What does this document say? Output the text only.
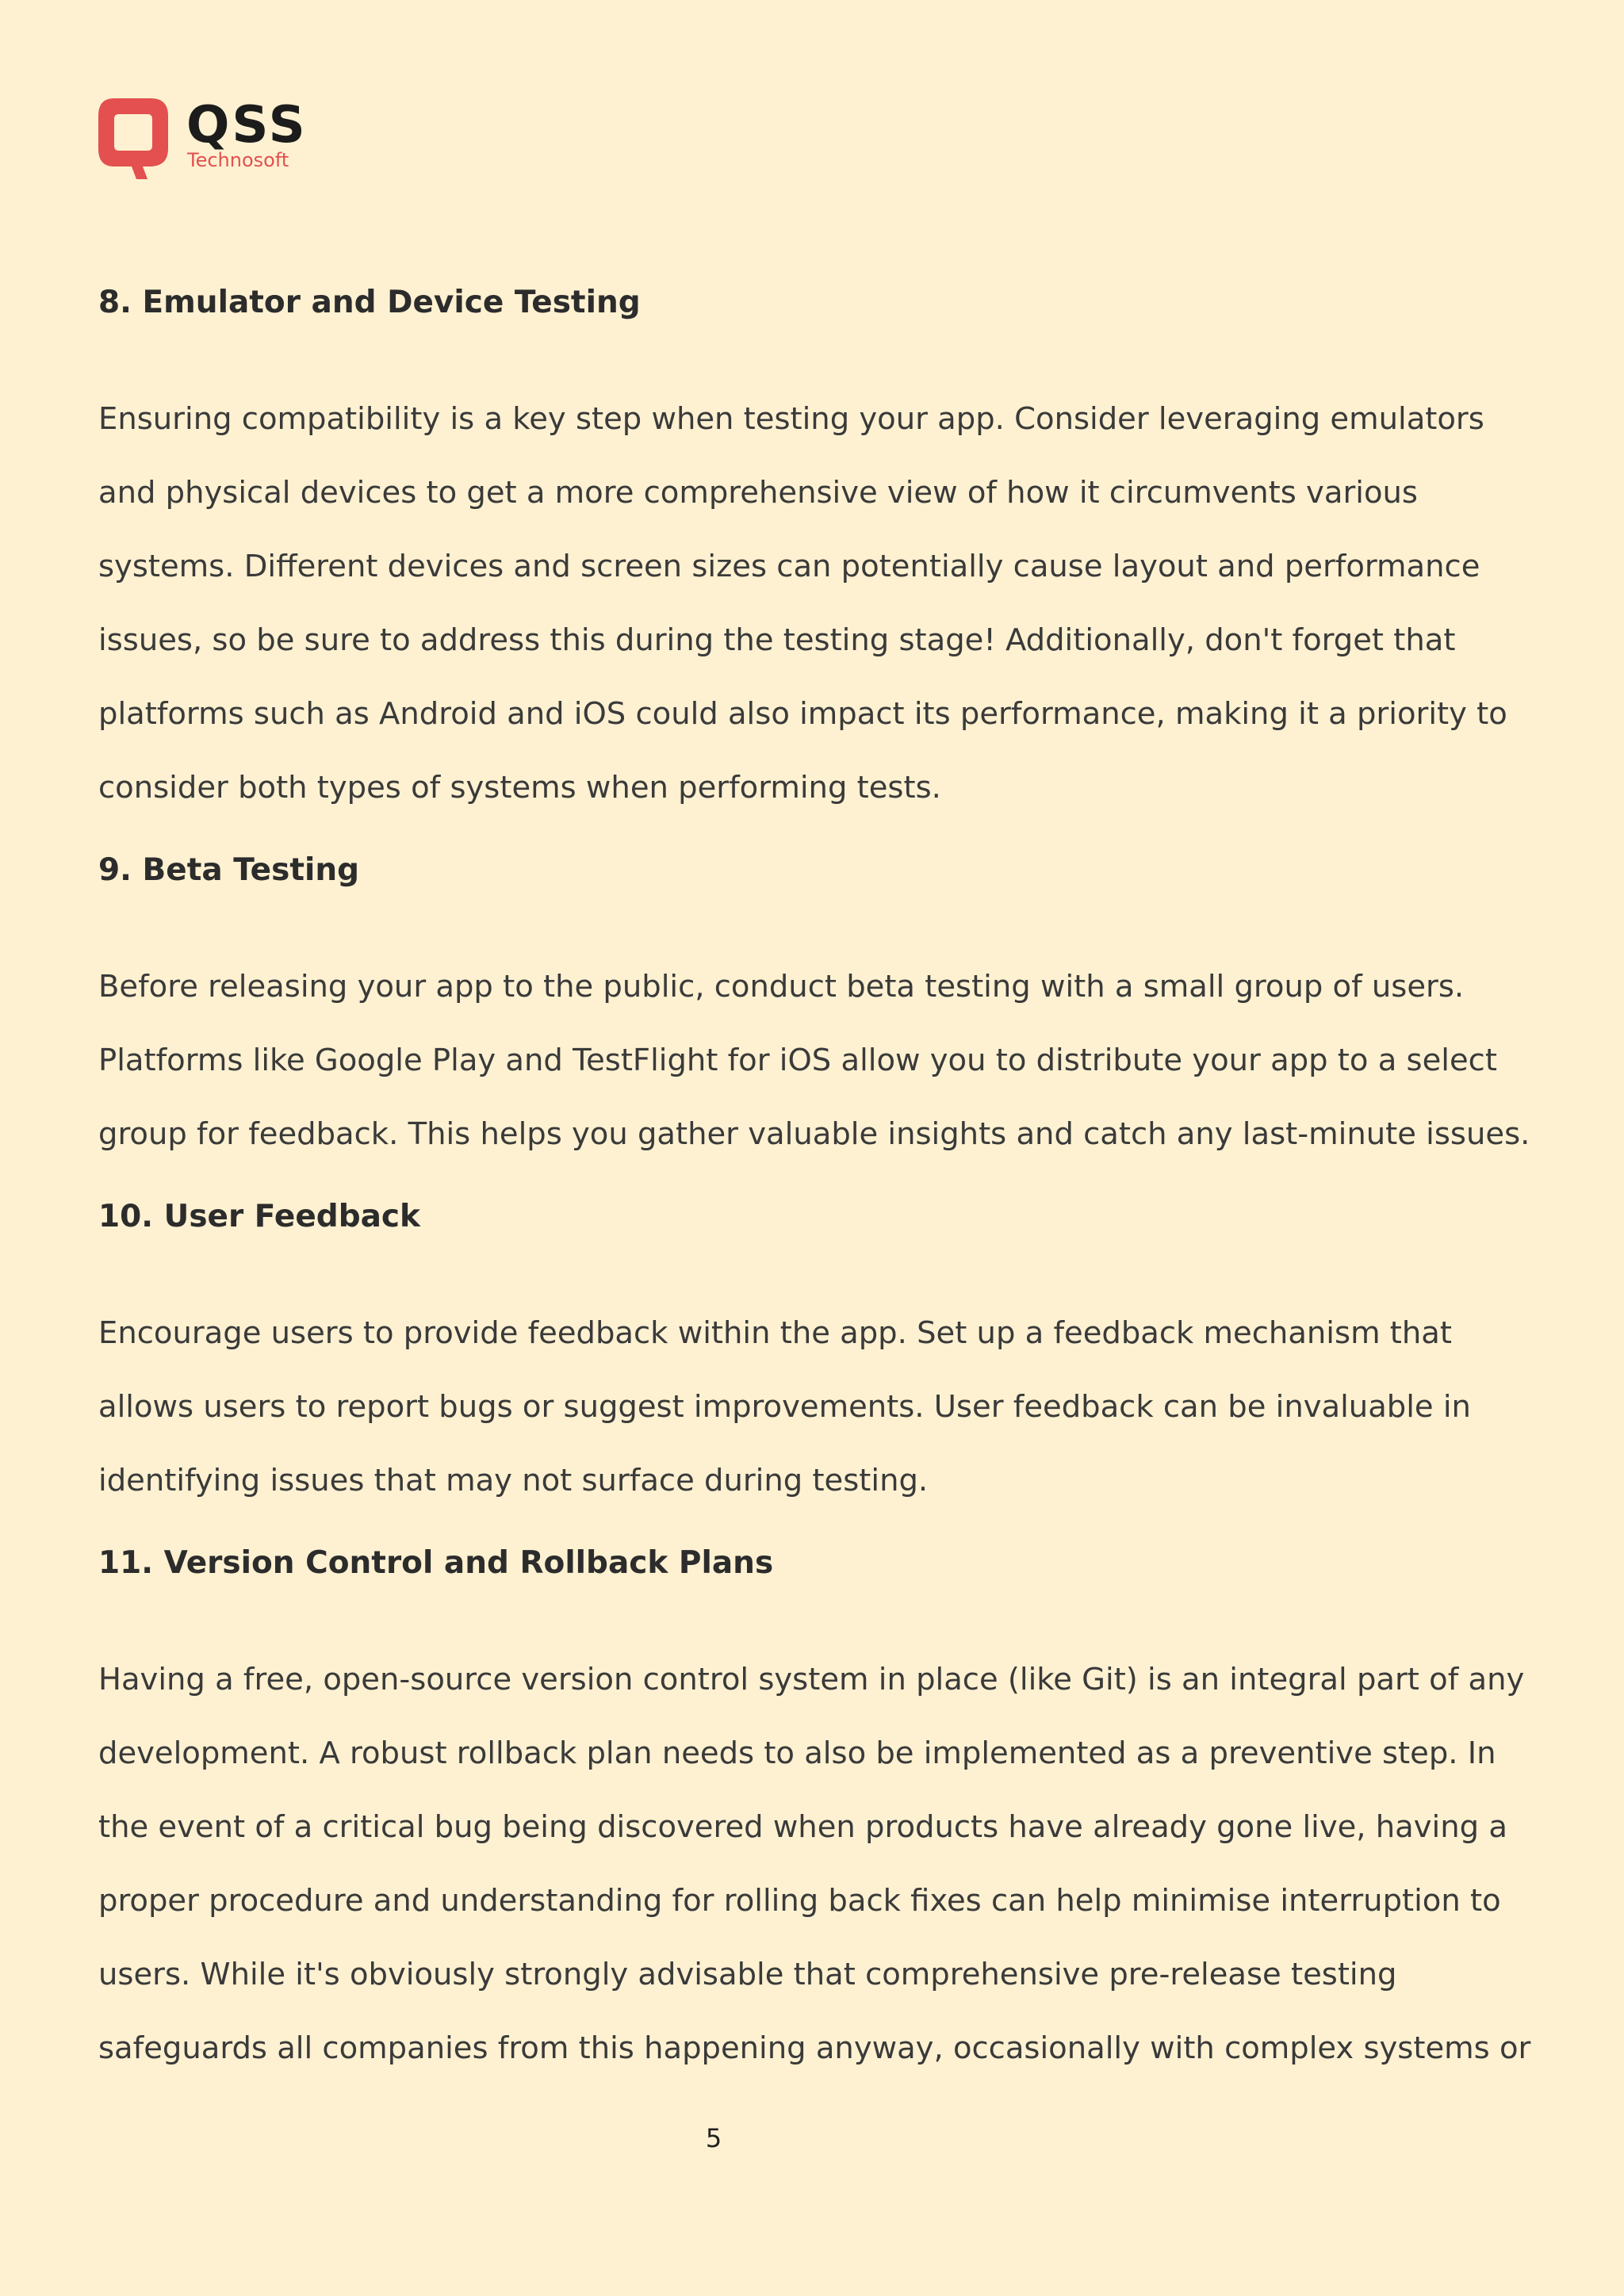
QSS
Technosoft
8. Emulator and Device Testing

Ensuring compatibility is a key step when testing your app. Consider leveraging emulators
and physical devices to get a more comprehensive view of how it circumvents various
systems. Different devices and screen sizes can potentially cause layout and performance
issues, so be sure to address this during the testing stage! Additionally, don't forget that
platforms such as Android and iOS could also impact its performance, making it a priority to
consider both types of systems when performing tests.

9. Beta Testing

Before releasing your app to the public, conduct beta testing with a small group of users.
Platforms like Google Play and TestFlight for iOS allow you to distribute your app to a select
group for feedback. This helps you gather valuable insights and catch any last-minute issues.

10. User Feedback

Encourage users to provide feedback within the app. Set up a feedback mechanism that
allows users to report bugs or suggest improvements. User feedback can be invaluable in
identifying issues that may not surface during testing.

11. Version Control and Rollback Plans

Having a free, open-source version control system in place (like Git) is an integral part of any
development. A robust rollback plan needs to also be implemented as a preventive step. In
the event of a critical bug being discovered when products have already gone live, having a
proper procedure and understanding for rolling back fixes can help minimise interruption to
users. While it's obviously strongly advisable that comprehensive pre-release testing
safeguards all companies from this happening anyway, occasionally with complex systems or

5
